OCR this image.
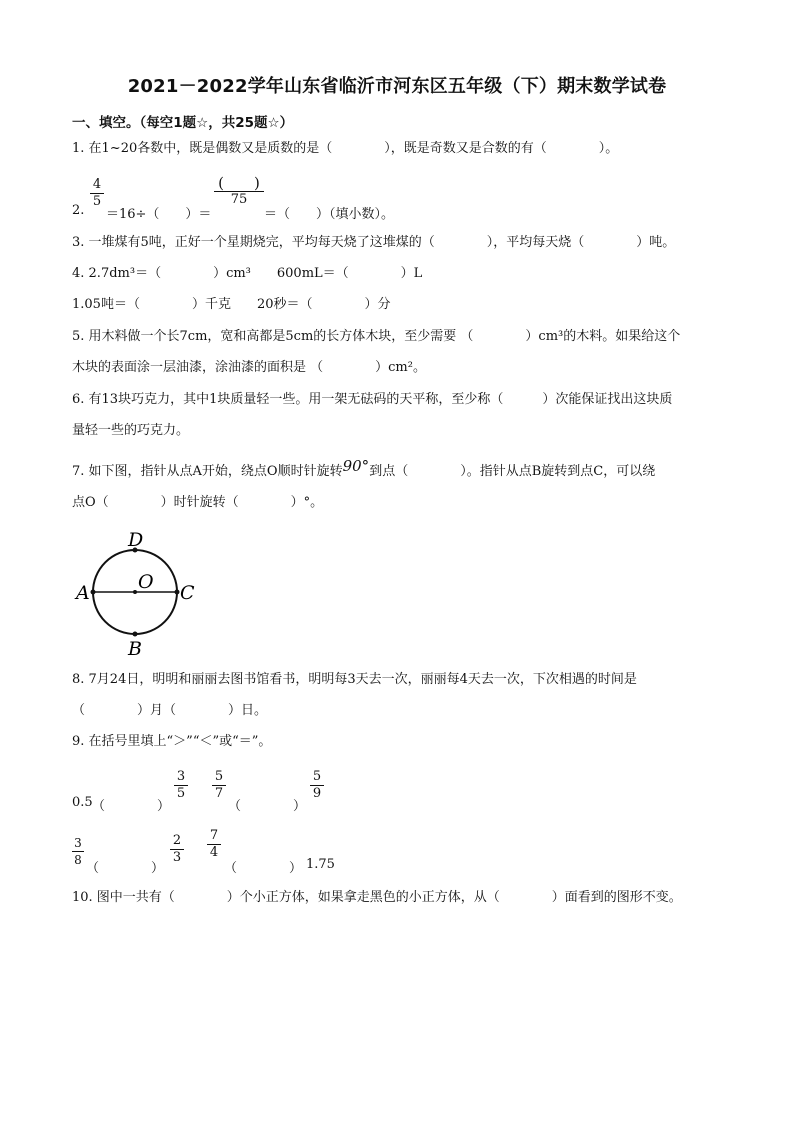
2021－2022学年山东省临沂市河东区五年级（下）期末数学试卷
一、填空。（每空1题☆，共25题☆）
1. 在1~20各数中，既是偶数又是质数的是（　　　　），既是奇数又是合数的有（　　　　）。
2.
4
5
＝16÷（　　）＝
(　　)
75
＝（　　）（填小数）。
3. 一堆煤有5吨，正好一个星期烧完，平均每天烧了这堆煤的（　　　　），平均每天烧（　　　　）吨。
4. 2.7dm³＝（　　　　）cm³　　600mL＝（　　　　）L
1.05吨＝（　　　　）千克　　20秒＝（　　　　）分
5. 用木料做一个长7cm，宽和高都是5cm的长方体木块，至少需要 （　　　　）cm³的木料。如果给这个
木块的表面涂一层油漆，涂油漆的面积是 （　　　　）cm²。
6. 有13块巧克力，其中1块质量轻一些。用一架无砝码的天平称，至少称（　　　）次能保证找出这块质
量轻一些的巧克力。
7. 如下图，指针从点A开始，绕点O顺时针旋转90°到点（　　　　）。指针从点B旋转到点C，可以绕
点O（　　　　）时针旋转（　　　　）°。
D
A	O C
B
8. 7月24日，明明和丽丽去图书馆看书，明明每3天去一次，丽丽每4天去一次，下次相遇的时间是
（　　　　）月（　　　　）日。
9. 在括号里填上“＞”“＜”或“＝”。
0.5 （　　　　）
3
5
5
7
（　　　　）
5
9
3
8
（　　　　）
2
3
7
4
（　　　　） 1.75
10. 图中一共有（　　　　）个小正方体，如果拿走黑色的小正方体，从（　　　　）面看到的图形不变。
